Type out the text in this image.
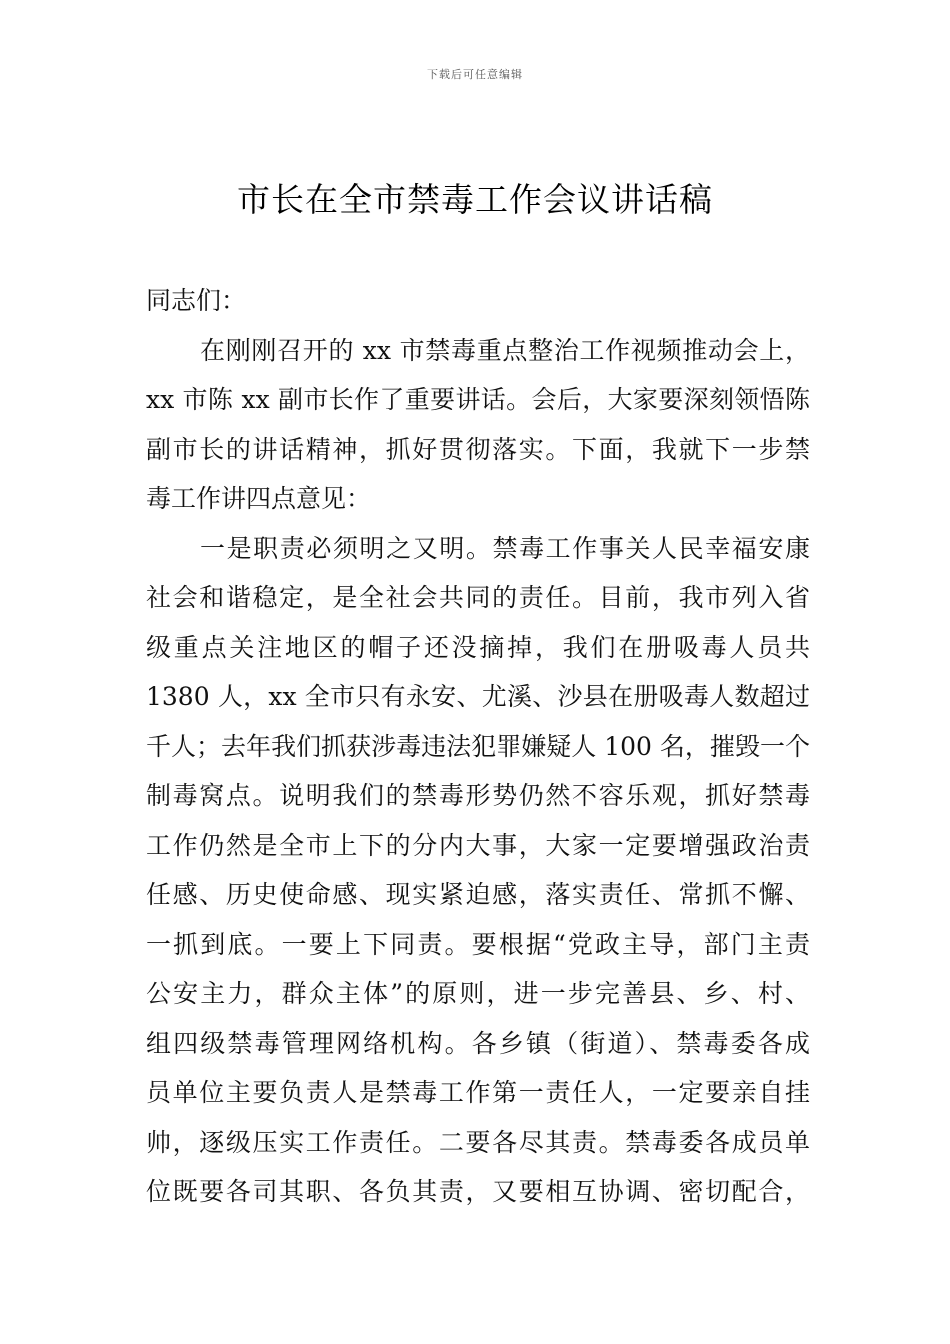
下载后可任意编辑
市长在全市禁毒工作会议讲话稿
同志们：
在刚刚召开的 xx 市禁毒重点整治工作视频推动会上，
xx 市陈 xx 副市长作了重要讲话。会后，大家要深刻领悟陈
副市长的讲话精神，抓好贯彻落实。下面，我就下一步禁
毒工作讲四点意见：
一是职责必须明之又明。禁毒工作事关人民幸福安康
社会和谐稳定，是全社会共同的责任。目前，我市列入省
级重点关注地区的帽子还没摘掉，我们在册吸毒人员共
1380 人，xx 全市只有永安、尤溪、沙县在册吸毒人数超过
千人；去年我们抓获涉毒违法犯罪嫌疑人 100 名，摧毁一个
制毒窝点。说明我们的禁毒形势仍然不容乐观，抓好禁毒
工作仍然是全市上下的分内大事，大家一定要增强政治责
任感、历史使命感、现实紧迫感，落实责任、常抓不懈、
一抓到底。一要上下同责。要根据“党政主导，部门主责
公安主力，群众主体”的原则，进一步完善县、乡、村、
组四级禁毒管理网络机构。各乡镇（街道）、禁毒委各成
员单位主要负责人是禁毒工作第一责任人，一定要亲自挂
帅，逐级压实工作责任。二要各尽其责。禁毒委各成员单
位既要各司其职、各负其责，又要相互协调、密切配合，
